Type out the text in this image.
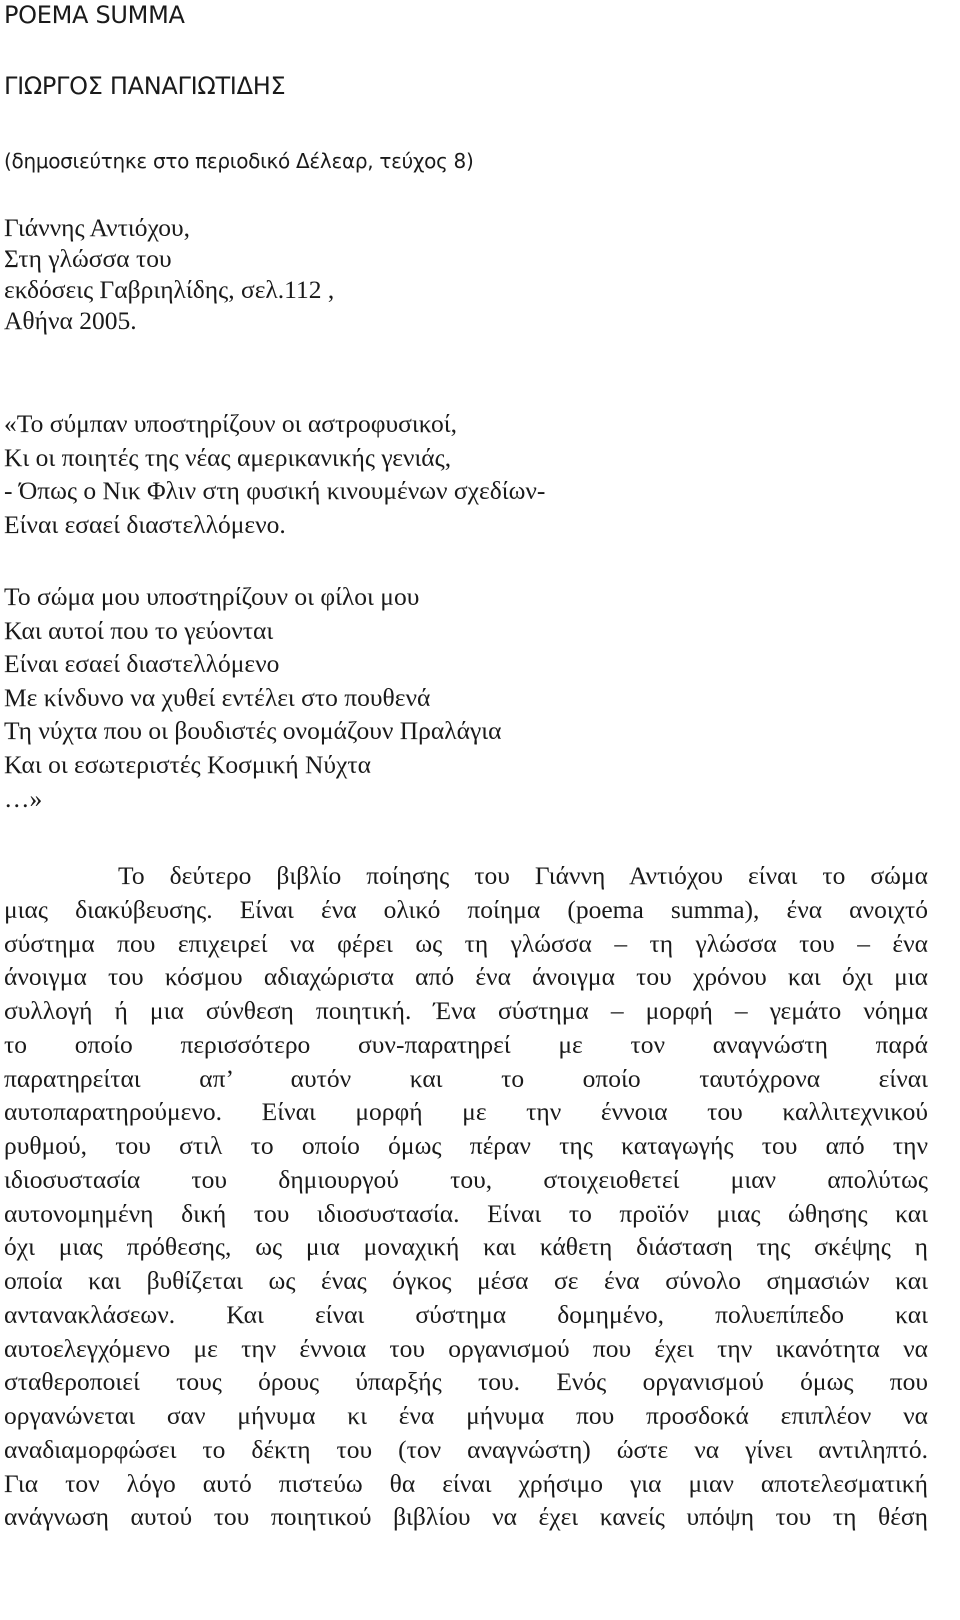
ΡΟΕΜΑ SUMMA
ΓΙΩΡΓΟΣ ΠΑΝΑΓΙΩΤΙΔΗΣ
(δημοσιεύτηκε στο περιοδικό Δέλεαρ, τεύχος 8)
Γιάννης Αντιόχου,
Στη γλώσσα του
εκδόσεις Γαβριηλίδης, σελ.112 ,
Αθήνα 2005.
«Το σύμπαν υποστηρίζουν οι αστροφυσικοί,
Κι οι ποιητές της νέας αμερικανικής γενιάς,
- Όπως ο Νικ Φλιν στη φυσική κινουμένων σχεδίων-
Είναι εσαεί διαστελλόμενο.
Το σώμα μου υποστηρίζουν οι φίλοι μου
Και αυτοί που το γεύονται
Είναι εσαεί διαστελλόμενο
Με κίνδυνο να χυθεί εντέλει στο πουθενά
Τη νύχτα που οι βουδιστές ονομάζουν Πραλάγια
Και οι εσωτεριστές Κοσμική Νύχτα
…»
Το δεύτερο βιβλίο ποίησης του Γιάννη Αντιόχου είναι το σώμα
μιας διακύβευσης. Είναι ένα ολικό ποίημα (poema summa), ένα ανοιχτό
σύστημα που επιχειρεί να φέρει ως τη γλώσσα – τη γλώσσα του – ένα
άνοιγμα του κόσμου αδιαχώριστα από ένα άνοιγμα του χρόνου και όχι μια
συλλογή ή μια σύνθεση ποιητική. Ένα σύστημα – μορφή – γεμάτο νόημα
το οποίο περισσότερο συν-παρατηρεί με τον αναγνώστη παρά
παρατηρείται απ’ αυτόν και το οποίο ταυτόχρονα είναι
αυτοπαρατηρούμενο. Είναι μορφή με την έννοια του καλλιτεχνικού
ρυθμού, του στιλ το οποίο όμως πέραν της καταγωγής του από την
ιδιοσυστασία του δημιουργού του, στοιχειοθετεί μιαν απολύτως
αυτονομημένη δική του ιδιοσυστασία. Είναι το προϊόν μιας ώθησης και
όχι μιας πρόθεσης, ως μια μοναχική και κάθετη διάσταση της σκέψης η
οποία και βυθίζεται ως ένας όγκος μέσα σε ένα σύνολο σημασιών και
αντανακλάσεων. Και είναι σύστημα δομημένο, πολυεπίπεδο και
αυτοελεγχόμενο με την έννοια του οργανισμού που έχει την ικανότητα να
σταθεροποιεί τους όρους ύπαρξής του. Ενός οργανισμού όμως που
οργανώνεται σαν μήνυμα κι ένα μήνυμα που προσδοκά επιπλέον να
αναδιαμορφώσει το δέκτη του (τον αναγνώστη) ώστε να γίνει αντιληπτό.
Για τον λόγο αυτό πιστεύω θα είναι χρήσιμο για μιαν αποτελεσματική
ανάγνωση αυτού του ποιητικού βιβλίου να έχει κανείς υπόψη του τη θέση
